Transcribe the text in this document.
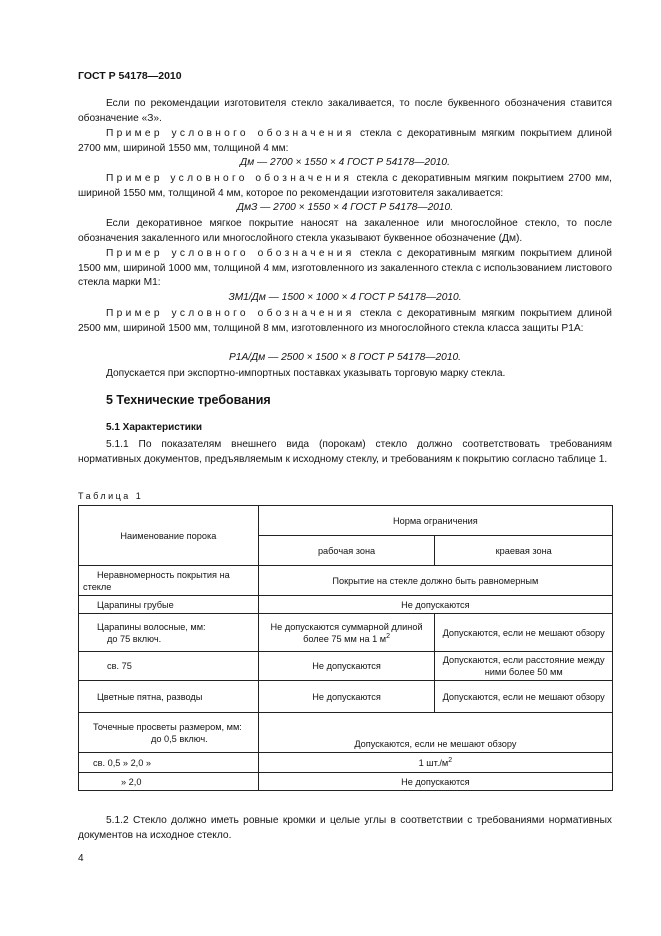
ГОСТ Р 54178—2010
Если по рекомендации изготовителя стекло закаливается, то после буквенного обозначения ставится обозначение «З».
Пример условного обозначения стекла с декоративным мягким покрытием длиной 2700 мм, шириной 1550 мм, толщиной 4 мм:
Дм — 2700 × 1550 × 4 ГОСТ Р 54178—2010.
Пример условного обозначения стекла с декоративным мягким покрытием 2700 мм, шириной 1550 мм, толщиной 4 мм, которое по рекомендации изготовителя закаливается:
ДмЗ — 2700 × 1550 × 4 ГОСТ Р 54178—2010.
Если декоративное мягкое покрытие наносят на закаленное или многослойное стекло, то после обозначения закаленного или многослойного стекла указывают буквенное обозначение (Дм).
Пример условного обозначения стекла с декоративным мягким покрытием длиной 1500 мм, шириной 1000 мм, толщиной 4 мм, изготовленного из закаленного стекла с использованием листового стекла марки М1:
ЗМ1/Дм — 1500 × 1000 × 4 ГОСТ Р 54178—2010.
Пример условного обозначения стекла с декоративным мягким покрытием длиной 2500 мм, шириной 1500 мм, толщиной 8 мм, изготовленного из многослойного стекла класса защиты Р1А:
Р1А/Дм — 2500 × 1500 × 8 ГОСТ Р 54178—2010.
Допускается при экспортно-импортных поставках указывать торговую марку стекла.
5 Технические требования
5.1 Характеристики
5.1.1 По показателям внешнего вида (порокам) стекло должно соответствовать требованиям нормативных документов, предъявляемым к исходному стеклу, и требованиям к покрытию согласно таблице 1.
Таблица 1
Наименование порока	Норма ограничения	
	рабочая зона	краевая зона
Неравномерность покрытия на стекле	Покрытие на стекле должно быть равномерным	
Царапины грубые	Не допускаются	

Царапины волосные, мм:
до 75 включ.	Не допускаются суммарной длиной более 75 мм на 1 $м^2$	Допускаются, если не мешают обзору
св. 75	Не допускаются	Допускаются, если расстояние между ними более 50 мм
Цветные пятна, разводы	Не допускаются	Допускаются, если не мешают обзору

Точечные просветы размером, мм:
до 0,5 включ.	Допускаются, если не мешают обзору	
св. 0,5 » 2,0 »	1 $шт./м^2$
» 2,0	Не допускаются	
5.1.2 Стекло должно иметь ровные кромки и целые углы в соответствии с требованиями нормативных документов на исходное стекло.
4
